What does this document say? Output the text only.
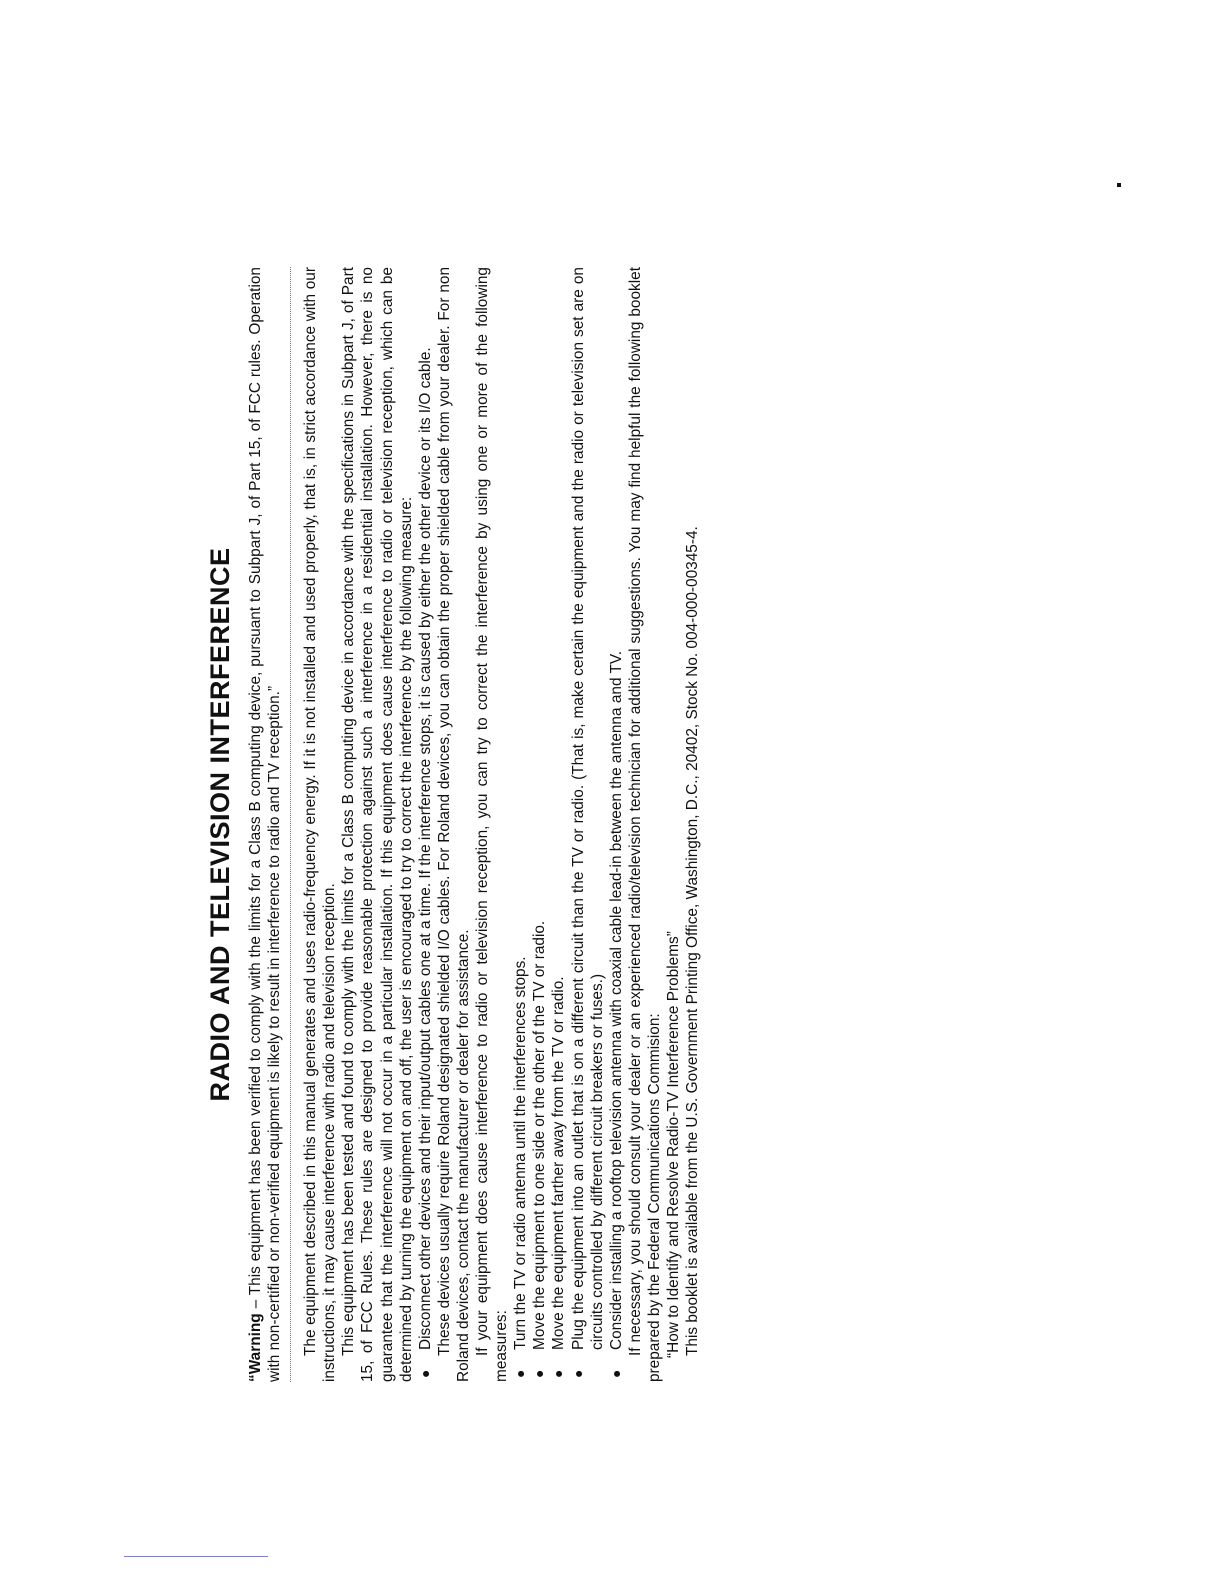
RADIO AND TELEVISION INTERFERENCE

“Warning – This equipment has been verified to comply with the limits for a Class B computing device, pursuant to Subpart J, of Part 15, of FCC rules. Operation with non-certified or non-verified equipment is likely to result in interference to radio and TV reception.”	The equipment described in this manual generates and uses radio-frequency energy. If it is not installed and used properly, that is, in strict accordance with our instructions, it may cause interference with radio and television reception. This equipment has been tested and found to comply with the limits for a Class B computing device in accordance with the specifications in Subpart J, of Part 15, of FCC Rules. These rules are designed to provide reasonable protection against such a interference in a residential installation. However, there is no guarantee that the interference will not occur in a particular installation. If this equipment does cause interference to radio or television reception, which can be determined by turning the equipment on and off, the user is encouraged to try to correct the interference by the following measure: ●
Disconnect other devices and their input/output cables one at a time. If the interference stops, it is caused by either the other device or its I/O cable. These devices usually require Roland designated shielded I/O cables. For Roland devices, you can obtain the proper shielded cable from your dealer. For non Roland devices, contact the manufacturer or dealer for assistance. If your equipment does cause interference to radio or television reception, you can try to correct the interference by using one or more of the following measures: ●
Turn the TV or radio antenna until the interferences stops.

●
Move the equipment to one side or the other of the TV or radio.

●
Move the equipment farther away from the TV or radio.

●
Plug the equipment into an outlet that is on a different circuit than the TV or radio. (That is, make certain the equipment and the radio or television set are on circuits controlled by different circuit breakers or fuses.)

●
Consider installing a rooftop television antenna with coaxial cable lead-in between the antenna and TV. If necessary, you should consult your dealer or an experienced radio/television technician for additional suggestions. You may find helpful the following booklet prepared by the Federal Communications Commision: “How to Identify and Resolve Radio-TV Interference Problems” This booklet is available from the U.S. Government Printing Office, Washington, D.C., 20402, Stock No. 004-000-00345-4.
